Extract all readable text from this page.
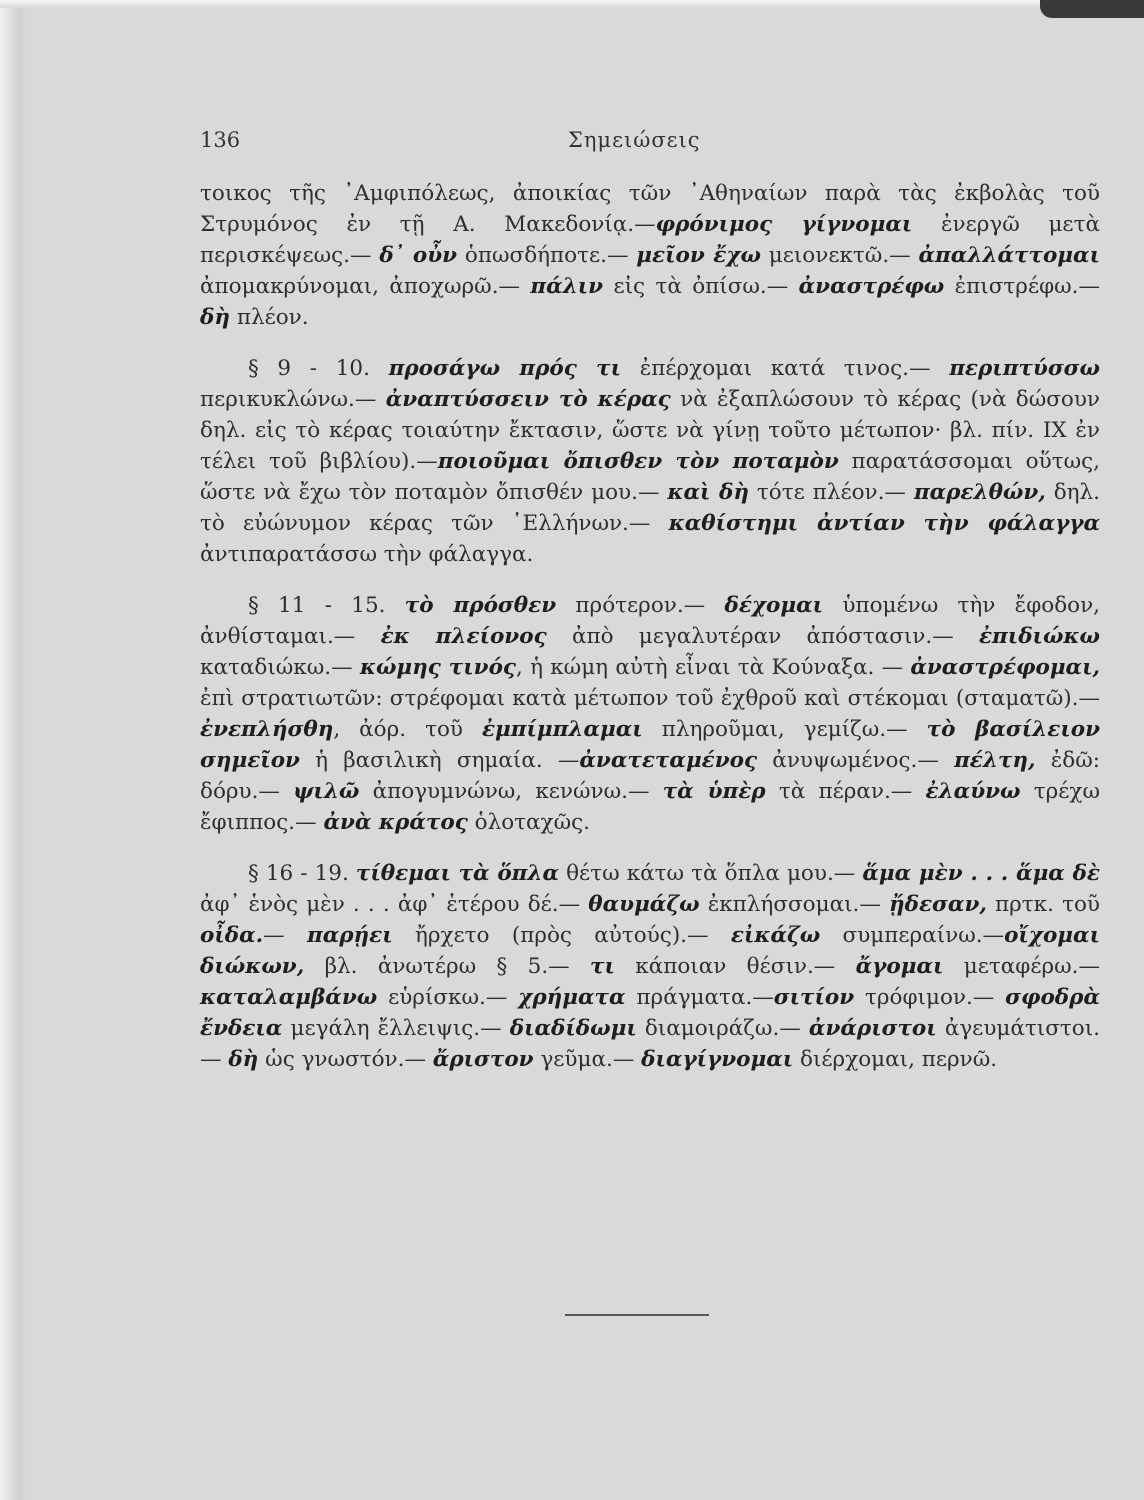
136	Σημειώσεις

τοικος τῆς ᾿Αμφιπόλεως, ἀποικίας τῶν ᾿Αθηναίων παρὰ τὰς ἐκβολὰς τοῦ Στρυμόνος ἐν τῇ Α. Μακεδονίᾳ.—φρόνιμος γίγνομαι ἐνεργῶ μετὰ περισκέψεως.— δ᾿ οὖν ὁπωσδήποτε.— μεῖον ἔχω μειονεκτῶ.— ἀπαλλάττομαι ἀπομακρύνομαι, ἀποχωρῶ.— πάλιν εἰς τὰ ὀπίσω.— ἀναστρέφω ἐπιστρέφω.— δὴ πλέον.

§ 9 - 10. προσάγω πρός τι ἐπέρχομαι κατά τινος.— περιπτύσσω περικυκλώνω.— ἀναπτύσσειν τὸ κέρας νὰ ἐξαπλώσουν τὸ κέρας (νὰ δώσουν δηλ. εἰς τὸ κέρας τοιαύτην ἔκτασιν, ὥστε νὰ γίνῃ τοῦτο μέτωπον· βλ. πίν. IX ἐν τέλει τοῦ βιβλίου).—ποιοῦμαι ὄπισθεν τὸν ποταμὸν παρατάσσομαι οὕτως, ὥστε νὰ ἔχω τὸν ποταμὸν ὄπισθέν μου.— καὶ δὴ τότε πλέον.— παρελθών, δηλ. τὸ εὐώνυμον κέρας τῶν ῾Ελλήνων.— καθίστημι ἀντίαν τὴν φάλαγγα ἀντιπαρατάσσω τὴν φάλαγγα.

§ 11 - 15. τὸ πρόσθεν πρότερον.— δέχομαι ὑπομένω τὴν ἔφοδον, ἀνθίσταμαι.— ἐκ πλείονος ἀπὸ μεγαλυτέραν ἀπόστασιν.— ἐπιδιώκω καταδιώκω.— κώμης τινός, ἡ κώμη αὐτὴ εἶναι τὰ Κούναξα. — ἀναστρέφομαι, ἐπὶ στρατιωτῶν: στρέφομαι κατὰ μέτωπον τοῦ ἐχθροῦ καὶ στέκομαι (σταματῶ).— ἐνεπλήσθη, ἀόρ. τοῦ ἐμπίμπλαμαι πληροῦμαι, γεμίζω.— τὸ βασίλειον σημεῖον ἡ βασιλικὴ σημαία. —ἀνατεταμένος ἀνυψωμένος.— πέλτη, ἐδῶ: δόρυ.— ψιλῶ ἀπογυμνώνω, κενώνω.— τὰ ὑπὲρ τὰ πέραν.— ἐλαύνω τρέχω ἔφιππος.— ἀνὰ κράτος ὁλοταχῶς.

§ 16 - 19. τίθεμαι τὰ ὅπλα θέτω κάτω τὰ ὅπλα μου.— ἅμα μὲν . . . ἅμα δὲ ἀφ᾿ ἑνὸς μὲν . . . ἀφ᾿ ἑτέρου δέ.— θαυμάζω ἐκπλήσσομαι.— ᾔδεσαν, πρτκ. τοῦ οἶδα.— παρῄει ἤρχετο (πρὸς αὐτούς).— εἰκάζω συμπεραίνω.—οἴχομαι διώκων, βλ. ἀνωτέρω § 5.— τι κάποιαν θέσιν.— ἄγομαι μεταφέρω.— καταλαμβάνω εὑρίσκω.— χρήματα πράγματα.—σιτίον τρόφιμον.— σφοδρὰ ἔνδεια μεγάλη ἔλλειψις.— διαδίδωμι διαμοιράζω.— ἀνάριστοι ἀγευμάτιστοι.— δὴ ὡς γνωστόν.— ἄριστον γεῦμα.— διαγίγνομαι διέρχομαι, περνῶ.
